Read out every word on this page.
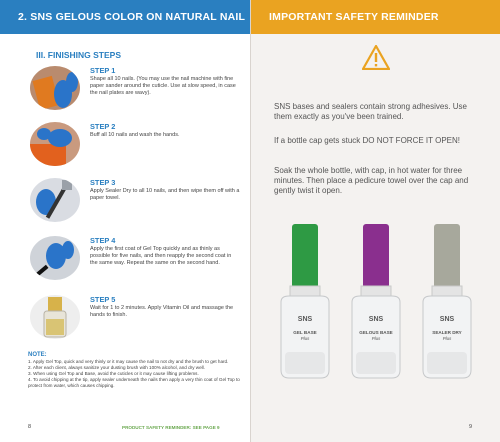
2. SNS GELOUS COLOR ON NATURAL NAIL
III. FINISHING STEPS
STEP 1
Shape all 10 nails. (You may use the nail machine with fine paper sander around the cuticle. Use at slow speed, in case the nail plates are wavy).
STEP 2
Buff all 10 nails and wash the hands.
STEP 3
Apply Sealer Dry to all 10 nails, and then wipe them off with a paper towel.
STEP 4
Apply the first coat of Gel Top quickly and as thinly as possible for five nails, and then reapply the second coat in the same way. Repeat the same on the second hand.
STEP 5
Wait for 1 to 2 minutes. Apply Vitamin Oil and massage the hands to finish.
NOTE:
1. Apply Gel Top, quick and very thinly or it may cause the nail to not dry and the brush to get hard.
2. After each client, always sanitize your dusting brush with 100% alcohol, and dry well.
3. When using Gel Top and Base, avoid the cuticles or it may cause lifting problems.
4. To avoid chipping at the tip, apply sealer underneath the nails then apply a very thin coat of Gel Top to protect from water, which causes chipping.
8	PRODUCT SAFETY REMINDER: SEE PAGE 9
IMPORTANT SAFETY REMINDER
SNS bases and sealers contain strong adhesives. Use them exactly as you've been trained.
If a bottle cap gets stuck DO NOT FORCE IT OPEN!
Soak the whole bottle, with cap, in hot water for three minutes. Then place a pedicure towel over the cap and gently twist it open.
SNS
GEL BASE
Plus
SNS
GELOUS BASE
Plus
SNS
SEALER DRY
Plus
9
